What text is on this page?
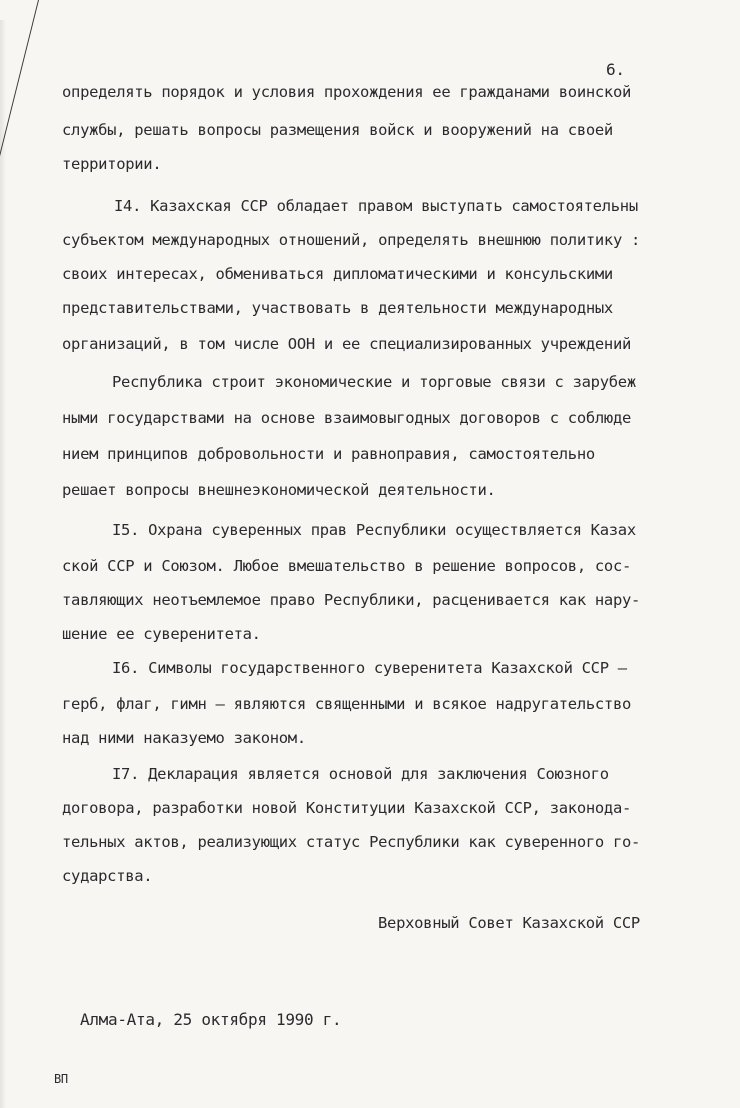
6.
определять порядок и условия прохождения ее гражданами воинской
службы, решать вопросы размещения войск и вооружений на своей
территории.
I4. Казахская ССР обладает правом выступать самостоятельны
субъектом международных отношений, определять внешнюю политику :
своих интересах, обмениваться дипломатическими и консульскими
представительствами, участвовать в деятельности международных
организаций, в том числе ООН и ее специализированных учреждений
Республика строит экономические и торговые связи с зарубеж
ными государствами на основе взаимовыгодных договоров с соблюде
нием принципов добровольности и равноправия, самостоятельно
решает вопросы внешнеэкономической деятельности.
I5. Охрана суверенных прав Республики осуществляется Казах
ской ССР и Союзом. Любое вмешательство в решение вопросов, сос-
тавляющих неотъемлемое право Республики, расценивается как нару-
шение ее суверенитета.
I6. Символы государственного суверенитета Казахской ССР –
герб, флаг, гимн – являются священными и всякое надругательство
над ними наказуемо законом.
I7. Декларация является основой для заключения Союзного
договора, разработки новой Конституции Казахской ССР, законода-
тельных актов, реализующих статус Республики как суверенного го-
сударства.
Верховный Совет Казахской ССР
Алма-Ата, 25 октября 1990 г.
ВП
